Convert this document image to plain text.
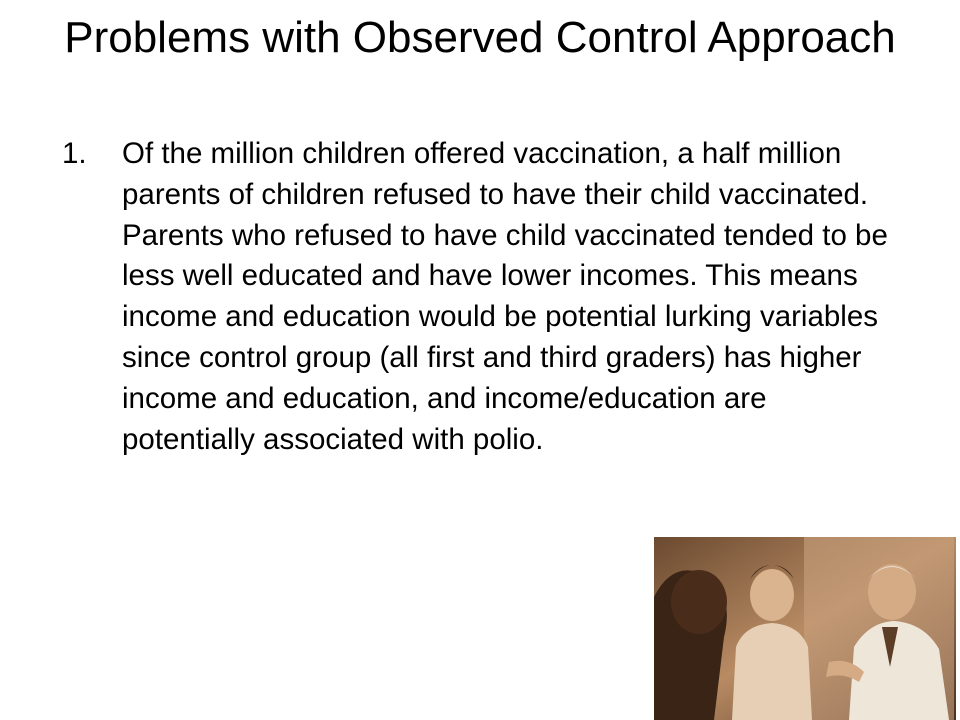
Problems with Observed Control Approach
1. Of the million children offered vaccination, a half million parents of children refused to have their child vaccinated. Parents who refused to have child vaccinated tended to be less well educated and have lower incomes. This means income and education would be potential lurking variables since control group (all first and third graders) has higher income and education, and income/education are potentially associated with polio.
